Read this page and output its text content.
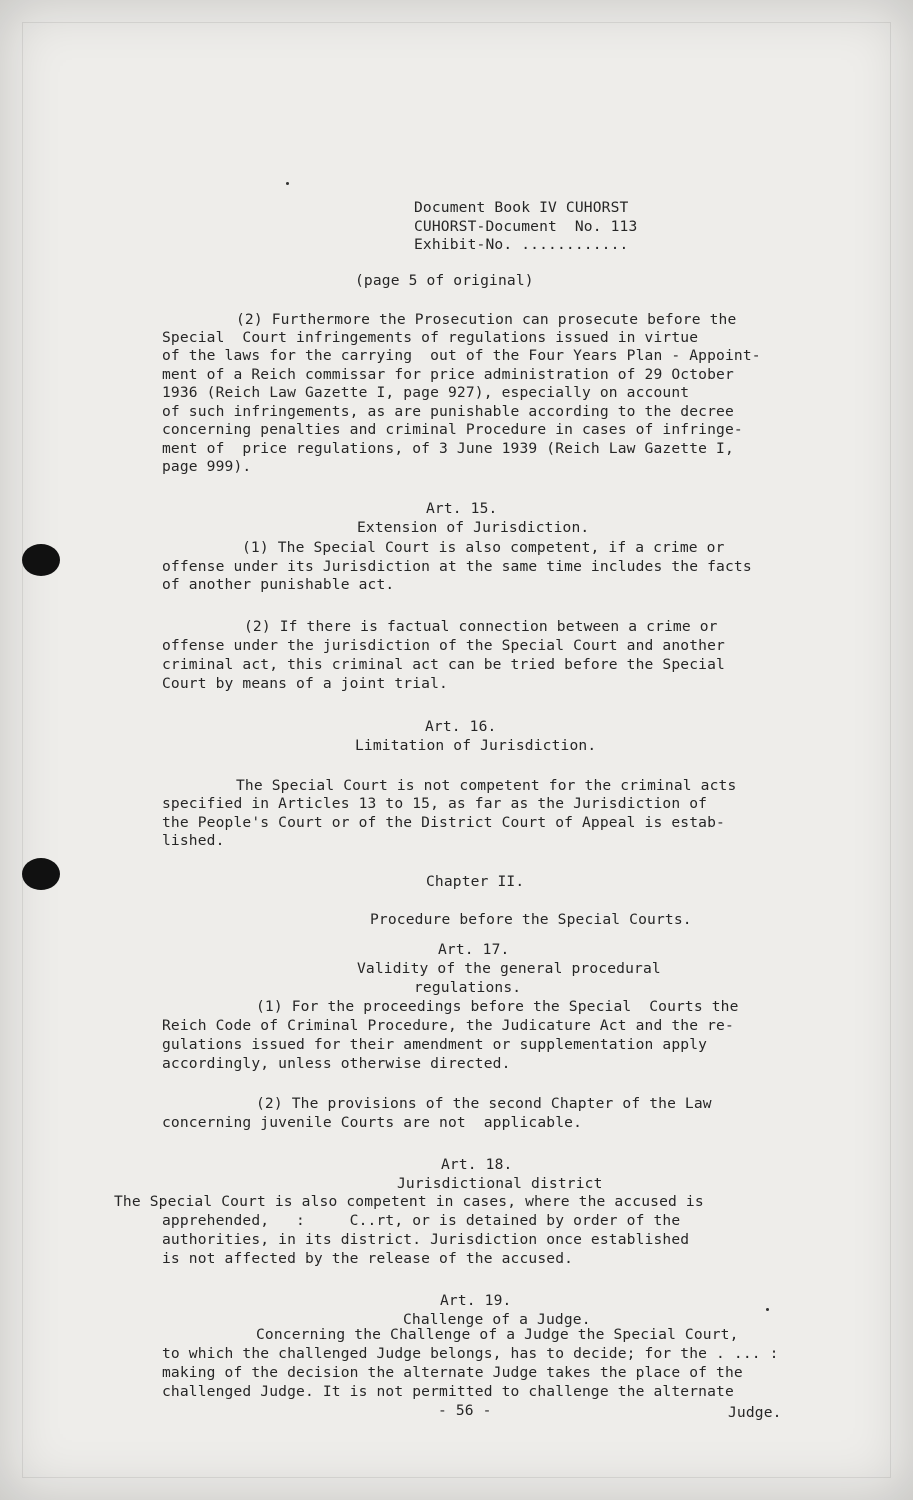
Document Book IV CUHORST
CUHORST-Document  No. 113
Exhibit-No. ............
(page 5 of original)
(2) Furthermore the Prosecution can prosecute before the
Special  Court infringements of regulations issued in virtue
of the laws for the carrying  out of the Four Years Plan - Appoint-
ment of a Reich commissar for price administration of 29 October
1936 (Reich Law Gazette I, page 927), especially on account
of such infringements, as are punishable according to the decree
concerning penalties and criminal Procedure in cases of infringe-
ment of  price regulations, of 3 June 1939 (Reich Law Gazette I,
page 999).
Art. 15.
Extension of Jurisdiction.
(1) The Special Court is also competent, if a crime or
offense under its Jurisdiction at the same time includes the facts
of another punishable act.
(2) If there is factual connection between a crime or
offense under the jurisdiction of the Special Court and another
criminal act, this criminal act can be tried before the Special
Court by means of a joint trial.
Art. 16.
Limitation of Jurisdiction.
The Special Court is not competent for the criminal acts
specified in Articles 13 to 15, as far as the Jurisdiction of
the People's Court or of the District Court of Appeal is estab-
lished.
Chapter II.
Procedure before the Special Courts.
Art. 17.
Validity of the general procedural
regulations.
(1) For the proceedings before the Special  Courts the
Reich Code of Criminal Procedure, the Judicature Act and the re-
gulations issued for their amendment or supplementation apply
accordingly, unless otherwise directed.
(2) The provisions of the second Chapter of the Law
concerning juvenile Courts are not  applicable.
Art. 18.
Jurisdictional district
The Special Court is also competent in cases, where the accused is
apprehended,   :     C..rt, or is detained by order of the
authorities, in its district. Jurisdiction once established
is not affected by the release of the accused.
Art. 19.
Challenge of a Judge.
Concerning the Challenge of a Judge the Special Court,
to which the challenged Judge belongs, has to decide; for the . ... :
making of the decision the alternate Judge takes the place of the
challenged Judge. It is not permitted to challenge the alternate
- 56 -	Judge.
